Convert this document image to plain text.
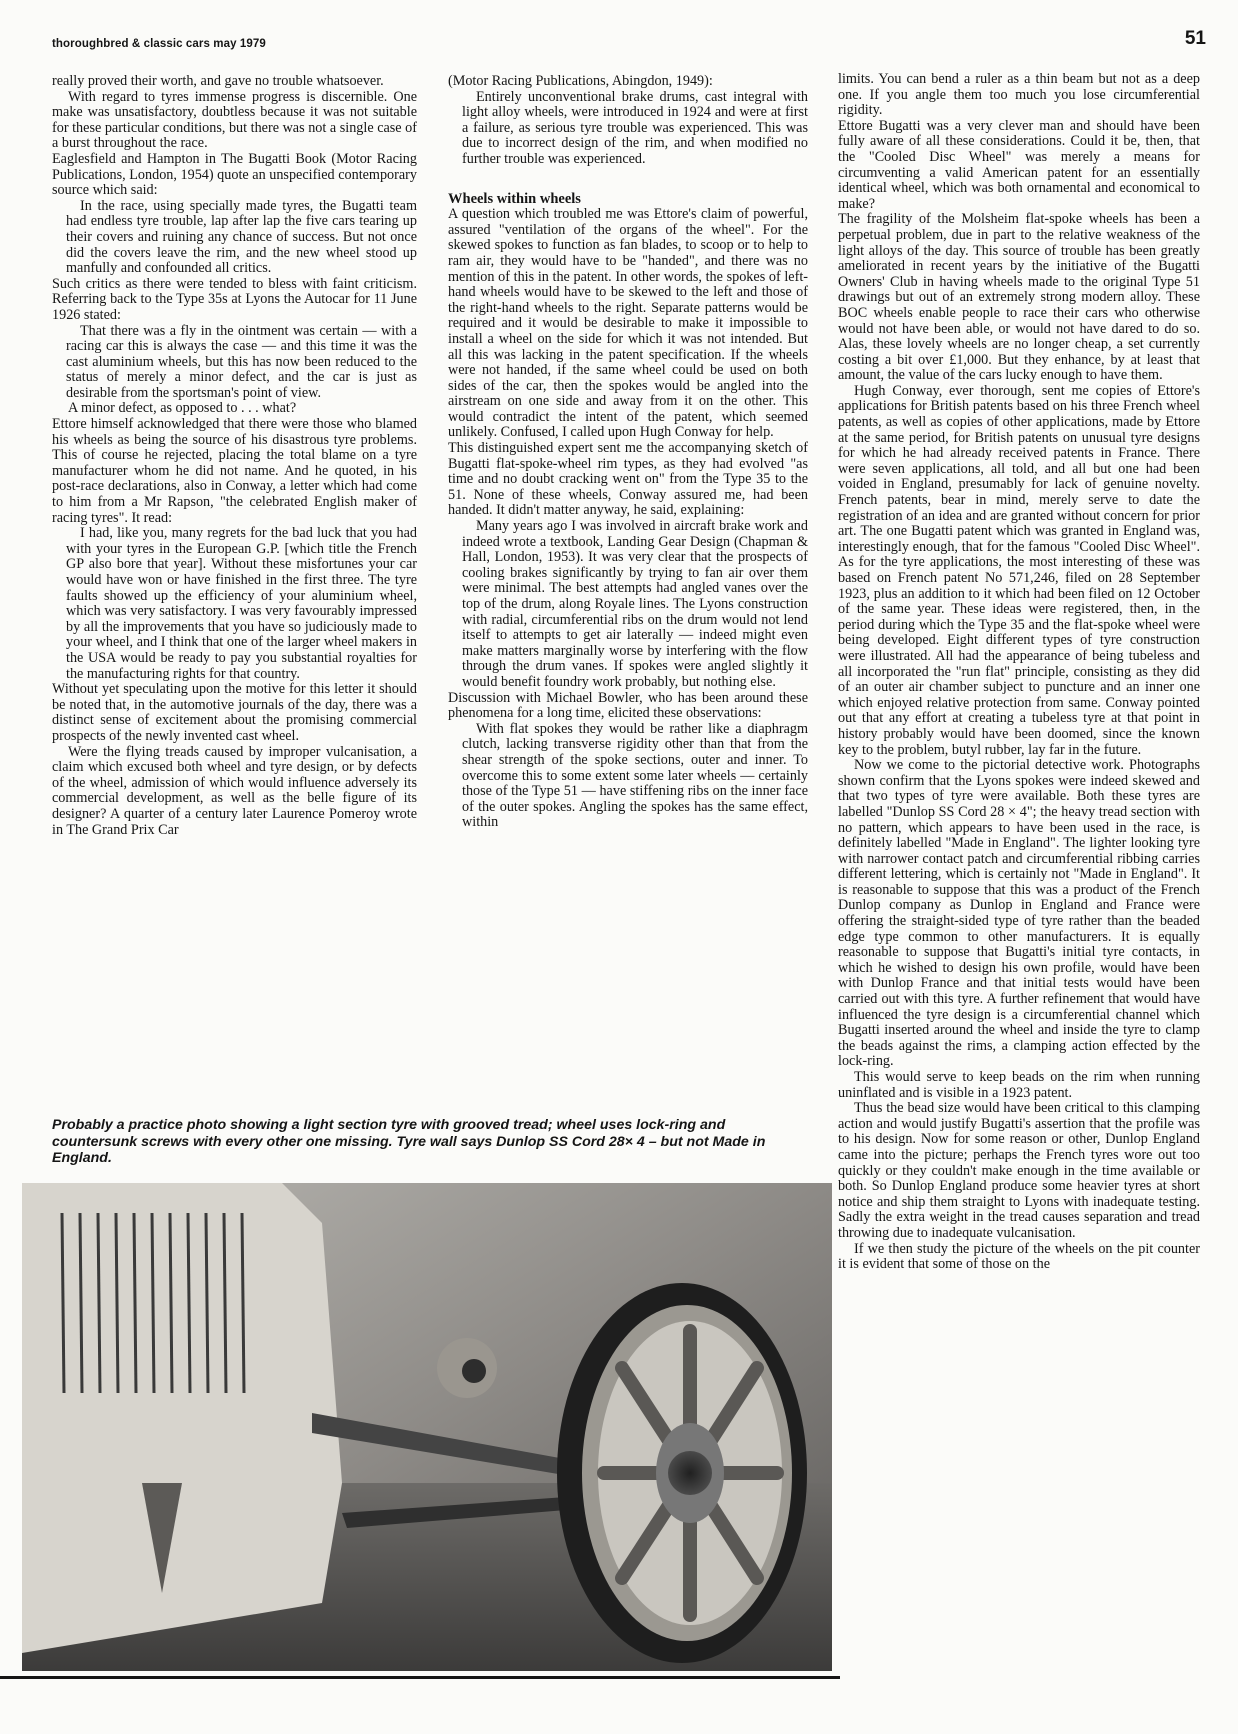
thoroughbred & classic cars may 1979	51

really proved their worth, and gave no trouble whatsoever.

With regard to tyres immense progress is discernible. One make was unsatisfactory, doubtless because it was not suitable for these particular conditions, but there was not a single case of a burst throughout the race.

Eaglesfield and Hampton in The Bugatti Book (Motor Racing Publications, London, 1954) quote an unspecified contemporary source which said:

In the race, using specially made tyres, the Bugatti team had endless tyre trouble, lap after lap the five cars tearing up their covers and ruining any chance of success. But not once did the covers leave the rim, and the new wheel stood up manfully and confounded all critics.

Such critics as there were tended to bless with faint criticism. Referring back to the Type 35s at Lyons the Autocar for 11 June 1926 stated:

That there was a fly in the ointment was certain — with a racing car this is always the case — and this time it was the cast aluminium wheels, but this has now been reduced to the status of merely a minor defect, and the car is just as desirable from the sportsman's point of view.

A minor defect, as opposed to . . . what?

Ettore himself acknowledged that there were those who blamed his wheels as being the source of his disastrous tyre problems. This of course he rejected, placing the total blame on a tyre manufacturer whom he did not name. And he quoted, in his post-race declarations, also in Conway, a letter which had come to him from a Mr Rapson, "the celebrated English maker of racing tyres". It read:

I had, like you, many regrets for the bad luck that you had with your tyres in the European G.P. [which title the French GP also bore that year]. Without these misfortunes your car would have won or have finished in the first three. The tyre faults showed up the efficiency of your aluminium wheel, which was very satisfactory. I was very favourably impressed by all the improvements that you have so judiciously made to your wheel, and I think that one of the larger wheel makers in the USA would be ready to pay you substantial royalties for the manufacturing rights for that country.

Without yet speculating upon the motive for this letter it should be noted that, in the automotive journals of the day, there was a distinct sense of excitement about the promising commercial prospects of the newly invented cast wheel.

Were the flying treads caused by improper vulcanisation, a claim which excused both wheel and tyre design, or by defects of the wheel, admission of which would influence adversely its commercial development, as well as the belle figure of its designer? A quarter of a century later Laurence Pomeroy wrote in The Grand Prix Car

(Motor Racing Publications, Abingdon, 1949):

Entirely unconventional brake drums, cast integral with light alloy wheels, were introduced in 1924 and were at first a failure, as serious tyre trouble was experienced. This was due to incorrect design of the rim, and when modified no further trouble was experienced.

Wheels within wheels

A question which troubled me was Ettore's claim of powerful, assured "ventilation of the organs of the wheel". For the skewed spokes to function as fan blades, to scoop or to help to ram air, they would have to be "handed", and there was no mention of this in the patent. In other words, the spokes of left-hand wheels would have to be skewed to the left and those of the right-hand wheels to the right. Separate patterns would be required and it would be desirable to make it impossible to install a wheel on the side for which it was not intended. But all this was lacking in the patent specification. If the wheels were not handed, if the same wheel could be used on both sides of the car, then the spokes would be angled into the airstream on one side and away from it on the other. This would contradict the intent of the patent, which seemed unlikely. Confused, I called upon Hugh Conway for help.

This distinguished expert sent me the accompanying sketch of Bugatti flat-spoke-wheel rim types, as they had evolved "as time and no doubt cracking went on" from the Type 35 to the 51. None of these wheels, Conway assured me, had been handed. It didn't matter anyway, he said, explaining:

Many years ago I was involved in aircraft brake work and indeed wrote a textbook, Landing Gear Design (Chapman & Hall, London, 1953). It was very clear that the prospects of cooling brakes significantly by trying to fan air over them were minimal. The best attempts had angled vanes over the top of the drum, along Royale lines. The Lyons construction with radial, circumferential ribs on the drum would not lend itself to attempts to get air laterally — indeed might even make matters marginally worse by interfering with the flow through the drum vanes. If spokes were angled slightly it would benefit foundry work probably, but nothing else.

Discussion with Michael Bowler, who has been around these phenomena for a long time, elicited these observations:

With flat spokes they would be rather like a diaphragm clutch, lacking transverse rigidity other than that from the shear strength of the spoke sections, outer and inner. To overcome this to some extent some later wheels — certainly those of the Type 51 — have stiffening ribs on the inner face of the outer spokes. Angling the spokes has the same effect, within

limits. You can bend a ruler as a thin beam but not as a deep one. If you angle them too much you lose circumferential rigidity.

Ettore Bugatti was a very clever man and should have been fully aware of all these considerations. Could it be, then, that the "Cooled Disc Wheel" was merely a means for circumventing a valid American patent for an essentially identical wheel, which was both ornamental and economical to make?

The fragility of the Molsheim flat-spoke wheels has been a perpetual problem, due in part to the relative weakness of the light alloys of the day. This source of trouble has been greatly ameliorated in recent years by the initiative of the Bugatti Owners' Club in having wheels made to the original Type 51 drawings but out of an extremely strong modern alloy. These BOC wheels enable people to race their cars who otherwise would not have been able, or would not have dared to do so. Alas, these lovely wheels are no longer cheap, a set currently costing a bit over £1,000. But they enhance, by at least that amount, the value of the cars lucky enough to have them.

Hugh Conway, ever thorough, sent me copies of Ettore's applications for British patents based on his three French wheel patents, as well as copies of other applications, made by Ettore at the same period, for British patents on unusual tyre designs for which he had already received patents in France. There were seven applications, all told, and all but one had been voided in England, presumably for lack of genuine novelty. French patents, bear in mind, merely serve to date the registration of an idea and are granted without concern for prior art. The one Bugatti patent which was granted in England was, interestingly enough, that for the famous "Cooled Disc Wheel". As for the tyre applications, the most interesting of these was based on French patent No 571,246, filed on 28 September 1923, plus an addition to it which had been filed on 12 October of the same year. These ideas were registered, then, in the period during which the Type 35 and the flat-spoke wheel were being developed. Eight different types of tyre construction were illustrated. All had the appearance of being tubeless and all incorporated the "run flat" principle, consisting as they did of an outer air chamber subject to puncture and an inner one which enjoyed relative protection from same. Conway pointed out that any effort at creating a tubeless tyre at that point in history probably would have been doomed, since the known key to the problem, butyl rubber, lay far in the future.

Now we come to the pictorial detective work. Photographs shown confirm that the Lyons spokes were indeed skewed and that two types of tyre were available. Both these tyres are labelled "Dunlop SS Cord 28 × 4"; the heavy tread section with no pattern, which appears to have been used in the race, is definitely labelled "Made in England". The lighter looking tyre with narrower contact patch and circumferential ribbing carries different lettering, which is certainly not "Made in England". It is reasonable to suppose that this was a product of the French Dunlop company as Dunlop in England and France were offering the straight-sided type of tyre rather than the beaded edge type common to other manufacturers. It is equally reasonable to suppose that Bugatti's initial tyre contacts, in which he wished to design his own profile, would have been with Dunlop France and that initial tests would have been carried out with this tyre. A further refinement that would have influenced the tyre design is a circumferential channel which Bugatti inserted around the wheel and inside the tyre to clamp the beads against the rims, a clamping action effected by the lock-ring.

This would serve to keep beads on the rim when running uninflated and is visible in a 1923 patent.

Thus the bead size would have been critical to this clamping action and would justify Bugatti's assertion that the profile was to his design. Now for some reason or other, Dunlop England came into the picture; perhaps the French tyres wore out too quickly or they couldn't make enough in the time available or both. So Dunlop England produce some heavier tyres at short notice and ship them straight to Lyons with inadequate testing. Sadly the extra weight in the tread causes separation and tread throwing due to inadequate vulcanisation.

If we then study the picture of the wheels on the pit counter it is evident that some of those on the

Probably a practice photo showing a light section tyre with grooved tread; wheel uses lock-ring and countersunk screws with every other one missing. Tyre wall says Dunlop SS Cord 28× 4 – but not Made in England.
